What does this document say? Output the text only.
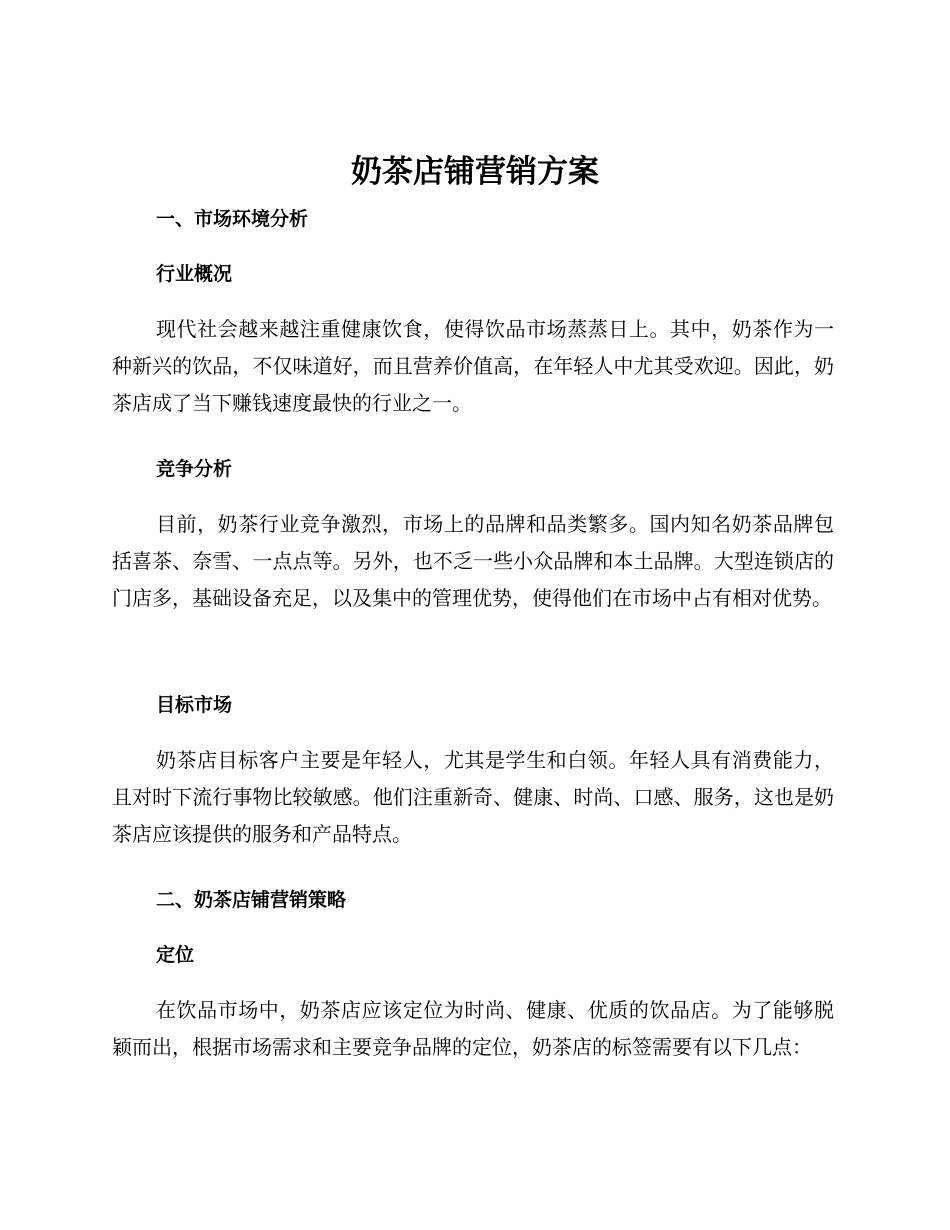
奶茶店铺营销方案
一、市场环境分析
行业概况

现代社会越来越注重健康饮食，使得饮品市场蒸蒸日上。其中，奶茶作为一种新兴的饮品，不仅味道好，而且营养价值高，在年轻人中尤其受欢迎。因此，奶茶店成了当下赚钱速度最快的行业之一。

竞争分析

目前，奶茶行业竞争激烈，市场上的品牌和品类繁多。国内知名奶茶品牌包括喜茶、奈雪、一点点等。另外，也不乏一些小众品牌和本土品牌。大型连锁店的门店多，基础设备充足，以及集中的管理优势，使得他们在市场中占有相对优势。

目标市场

奶茶店目标客户主要是年轻人，尤其是学生和白领。年轻人具有消费能力，且对时下流行事物比较敏感。他们注重新奇、健康、时尚、口感、服务，这也是奶茶店应该提供的服务和产品特点。

二、奶茶店铺营销策略
定位

在饮品市场中，奶茶店应该定位为时尚、健康、优质的饮品店。为了能够脱颖而出，根据市场需求和主要竞争品牌的定位，奶茶店的标签需要有以下几点：
